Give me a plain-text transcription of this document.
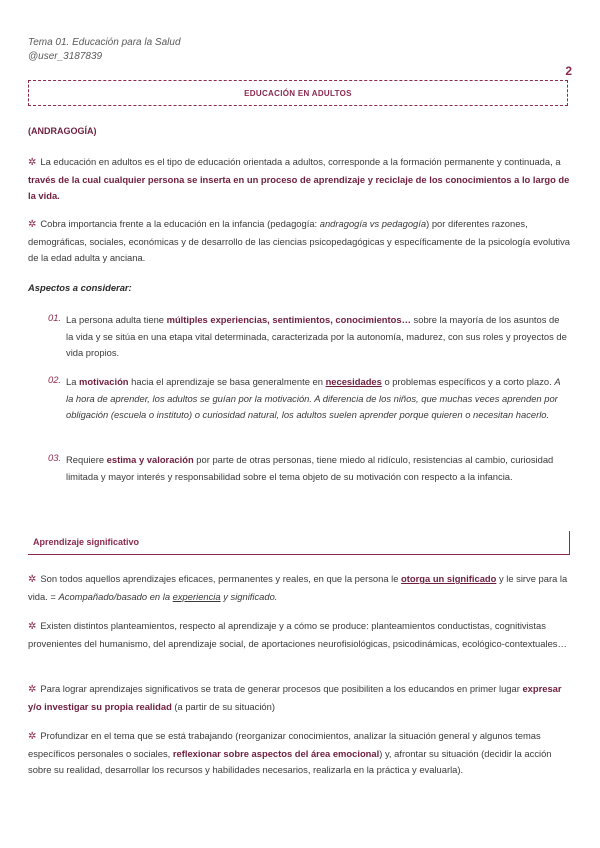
Tema 01. Educación para la Salud
@user_3187839
2
EDUCACIÓN EN ADULTOS
(ANDRAGOGÍA)
✲ La educación en adultos es el tipo de educación orientada a adultos, corresponde a la formación permanente y continuada, a través de la cual cualquier persona se inserta en un proceso de aprendizaje y reciclaje de los conocimientos a lo largo de la vida.
✲ Cobra importancia frente a la educación en la infancia (pedagogía: andragogía vs pedagogía) por diferentes razones, demográficas, sociales, económicas y de desarrollo de las ciencias psicopedagógicas y específicamente de la psicología evolutiva de la edad adulta y anciana.
Aspectos a considerar:
01. La persona adulta tiene múltiples experiencias, sentimientos, conocimientos… sobre la mayoría de los asuntos de la vida y se sitúa en una etapa vital determinada, caracterizada por la autonomía, madurez, con sus roles y proyectos de vida propios.
02. La motivación hacia el aprendizaje se basa generalmente en necesidades o problemas específicos y a corto plazo. A la hora de aprender, los adultos se guían por la motivación. A diferencia de los niños, que muchas veces aprenden por obligación (escuela o instituto) o curiosidad natural, los adultos suelen aprender porque quieren o necesitan hacerlo.
03. Requiere estima y valoración por parte de otras personas, tiene miedo al ridículo, resistencias al cambio, curiosidad limitada y mayor interés y responsabilidad sobre el tema objeto de su motivación con respecto a la infancia.
Aprendizaje significativo
✲ Son todos aquellos aprendizajes eficaces, permanentes y reales, en que la persona le otorga un significado y le sirve para la vida. = Acompañado/basado en la experiencia y significado.
✲ Existen distintos planteamientos, respecto al aprendizaje y a cómo se produce: planteamientos conductistas, cognitivistas provenientes del humanismo, del aprendizaje social, de aportaciones neurofisiológicas, psicodinámicas, ecológico-contextuales…
✲ Para lograr aprendizajes significativos se trata de generar procesos que posibiliten a los educandos en primer lugar expresar y/o investigar su propia realidad (a partir de su situación)
✲ Profundizar en el tema que se está trabajando (reorganizar conocimientos, analizar la situación general y algunos temas específicos personales o sociales, reflexionar sobre aspectos del área emocional) y, afrontar su situación (decidir la acción sobre su realidad, desarrollar los recursos y habilidades necesarios, realizarla en la práctica y evaluarla).
